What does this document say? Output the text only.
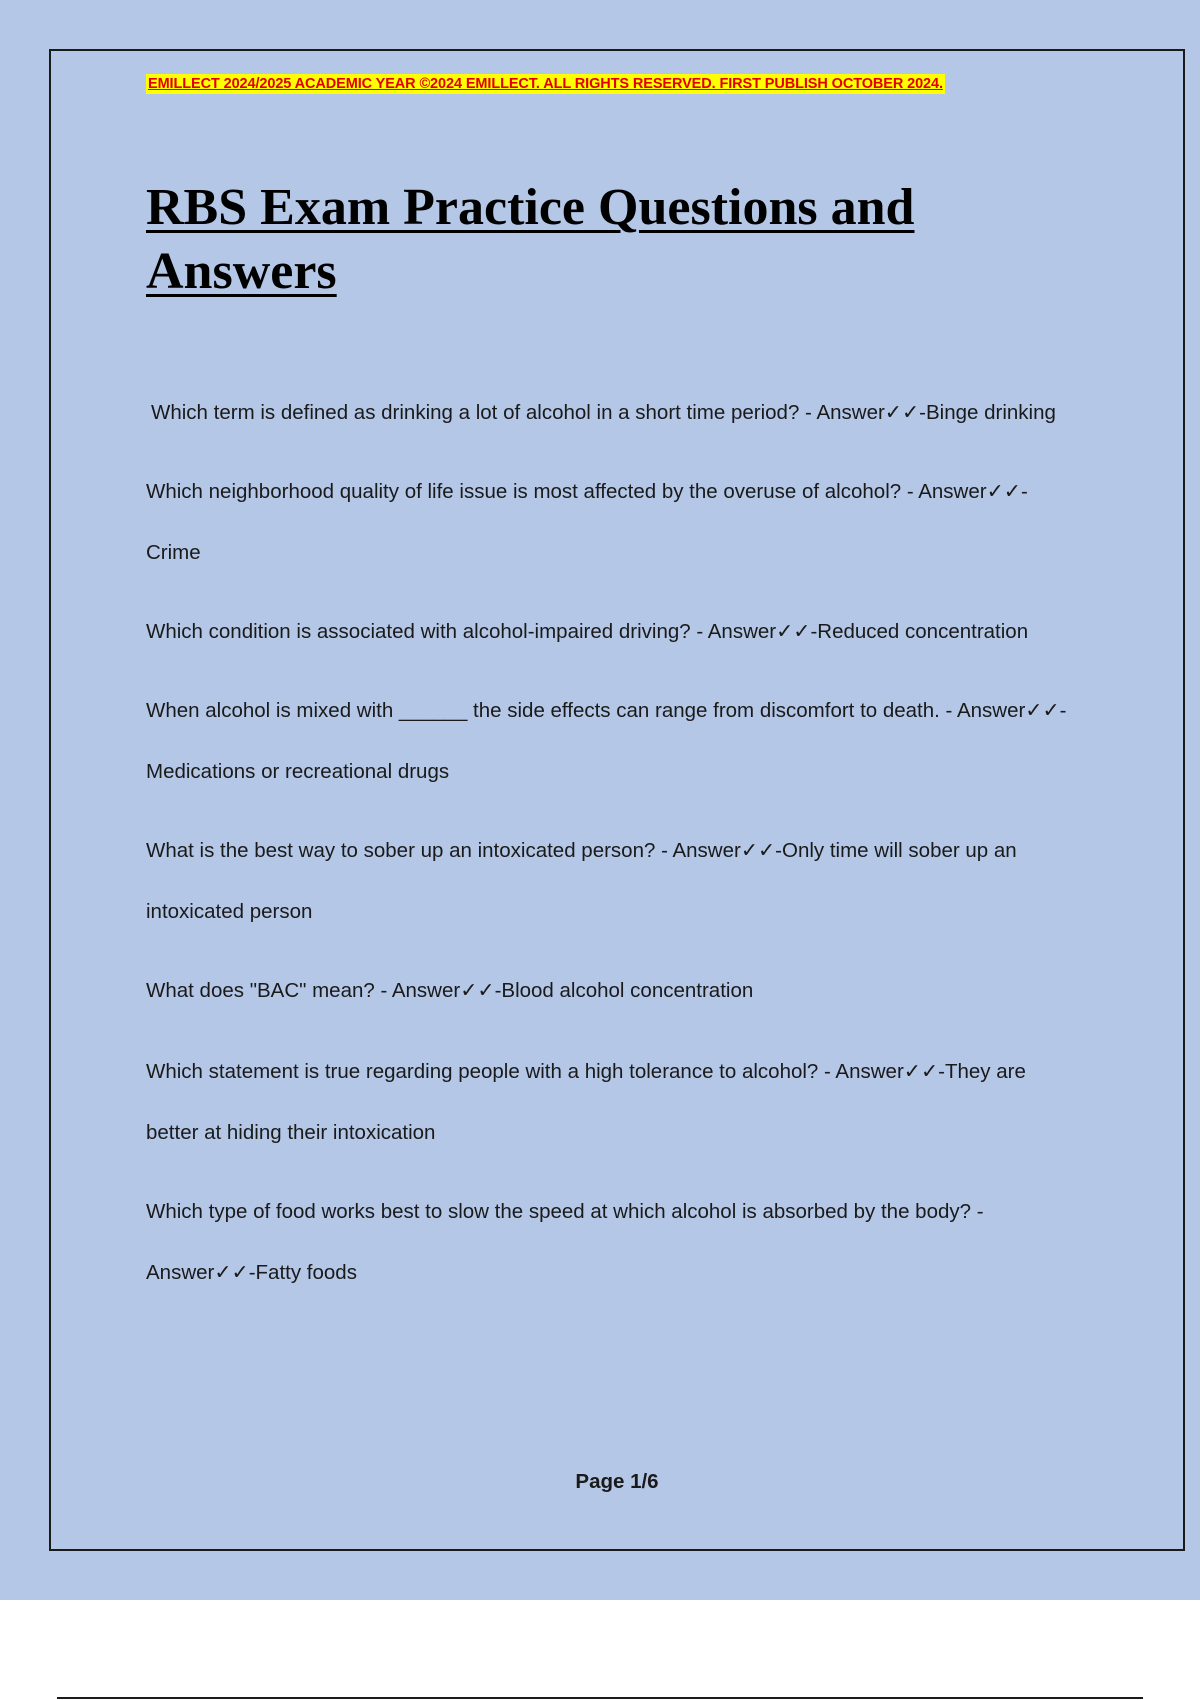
EMILLECT 2024/2025 ACADEMIC YEAR ©2024 EMILLECT. ALL RIGHTS RESERVED. FIRST PUBLISH OCTOBER 2024.
RBS Exam Practice Questions and Answers
Which term is defined as drinking a lot of alcohol in a short time period? - Answer✓✓-Binge drinking
Which neighborhood quality of life issue is most affected by the overuse of alcohol? - Answer✓✓-Crime
Which condition is associated with alcohol-impaired driving? - Answer✓✓-Reduced concentration
When alcohol is mixed with ______ the side effects can range from discomfort to death. - Answer✓✓-Medications or recreational drugs
What is the best way to sober up an intoxicated person? - Answer✓✓-Only time will sober up an intoxicated person
What does "BAC" mean? - Answer✓✓-Blood alcohol concentration
Which statement is true regarding people with a high tolerance to alcohol? - Answer✓✓-They are better at hiding their intoxication
Which type of food works best to slow the speed at which alcohol is absorbed by the body? - Answer✓✓-Fatty foods
Page 1/6
